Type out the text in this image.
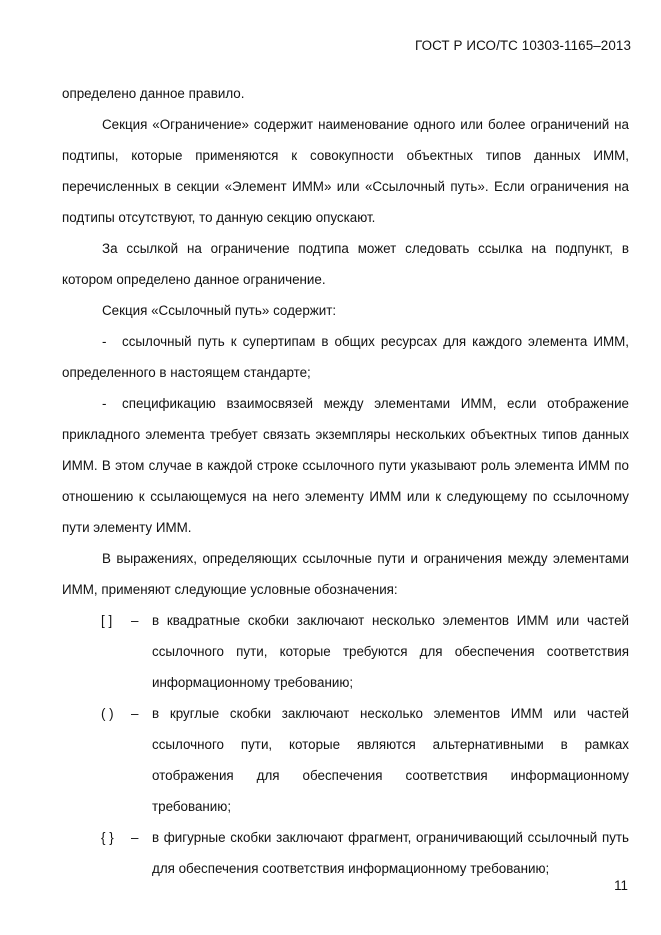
ГОСТ Р ИСО/ТС 10303-1165–2013
определено данное правило.
Секция «Ограничение» содержит наименование одного или более ограничений на
подтипы, которые применяются к совокупности объектных типов данных ИММ,
перечисленных в секции «Элемент ИММ» или «Cсылочный путь». Если ограничения на
подтипы отсутствуют, то данную секцию опускают.
За ссылкой на ограничение подтипа может следовать ссылка на подпункт, в
котором определено данное ограничение.
Секция «Cсылочный путь» содержит:
- ссылочный путь к супертипам в общих ресурсах для каждого элемента ИММ,
определенного в настоящем стандарте;
- спецификацию взаимосвязей между элементами ИММ, если отображение
прикладного элемента требует связать экземпляры нескольких объектных типов данных
ИММ. В этом случае в каждой строке ссылочного пути указывают роль элемента ИММ по
отношению к ссылающемуся на него элементу ИММ или к следующему по ссылочному
пути элементу ИММ.
В выражениях, определяющих ссылочные пути и ограничения между элементами
ИММ, применяют следующие условные обозначения:
[ ] – в квадратные скобки заключают несколько элементов ИММ или частей
ссылочного пути, которые требуются для обеспечения соответствия
информационному требованию;
( ) – в круглые скобки заключают несколько элементов ИММ или частей
ссылочного пути, которые являются альтернативными в рамках
отображения для обеспечения соответствия информационному
требованию;
{ } – в фигурные скобки заключают фрагмент, ограничивающий ссылочный путь
для обеспечения соответствия информационному требованию;
11
